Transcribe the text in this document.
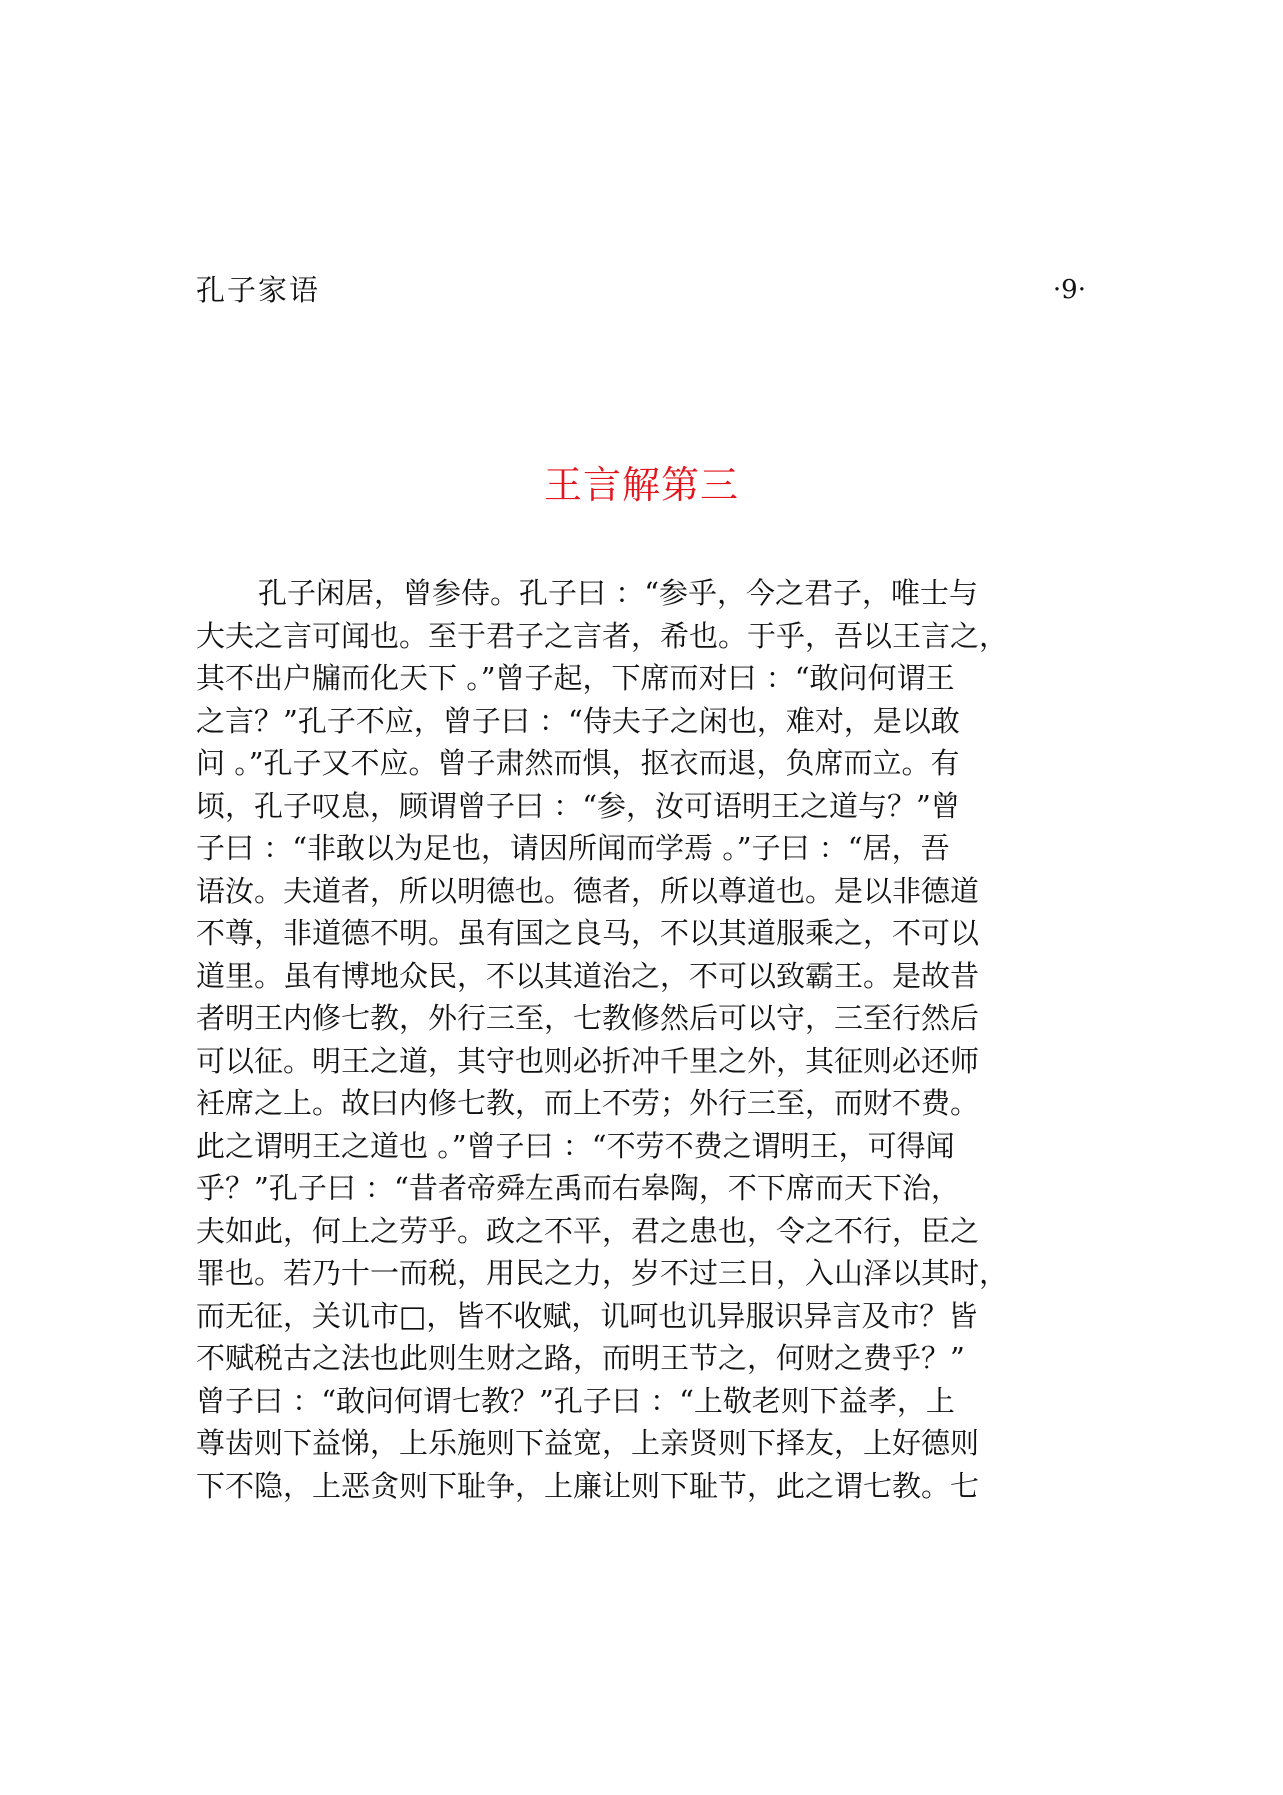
孔子家语	·9·
王言解第三
孔子闲居，曾参侍。孔子曰 ：“参乎，今之君子，唯士与
大夫之言可闻也。至于君子之言者，希也。于乎，吾以王言之，
其不出户牖而化天下 。”曾子起，下席而对曰 ：“敢问何谓王
之言？”孔子不应，曾子曰 ：“侍夫子之闲也，难对，是以敢
问 。”孔子又不应。曾子肃然而惧，抠衣而退，负席而立。有
顷，孔子叹息，顾谓曾子曰 ：“参，汝可语明王之道与？”曾
子曰 ：“非敢以为足也，请因所闻而学焉 。”子曰 ：“居，吾
语汝。夫道者，所以明德也。德者，所以尊道也。是以非德道
不尊，非道德不明。虽有国之良马，不以其道服乘之，不可以
道里。虽有博地众民，不以其道治之，不可以致霸王。是故昔
者明王内修七教，外行三至，七教修然后可以守，三至行然后
可以征。明王之道，其守也则必折冲千里之外，其征则必还师
衽席之上。故曰内修七教，而上不劳；外行三至，而财不费。
此之谓明王之道也 。”曾子曰 ：“不劳不费之谓明王，可得闻
乎？”孔子曰 ：“昔者帝舜左禹而右皋陶，不下席而天下治，
夫如此，何上之劳乎。政之不平，君之患也，令之不行，臣之
罪也。若乃十一而税，用民之力，岁不过三日，入山泽以其时，
而无征，关讥市□，皆不收赋，讥呵也讥异服识异言及市？皆
不赋税古之法也此则生财之路，而明王节之，何财之费乎？”
曾子曰 ：“敢问何谓七教？”孔子曰 ：“上敬老则下益孝，上
尊齿则下益悌，上乐施则下益宽，上亲贤则下择友，上好德则
下不隐，上恶贪则下耻争，上廉让则下耻节，此之谓七教。七
